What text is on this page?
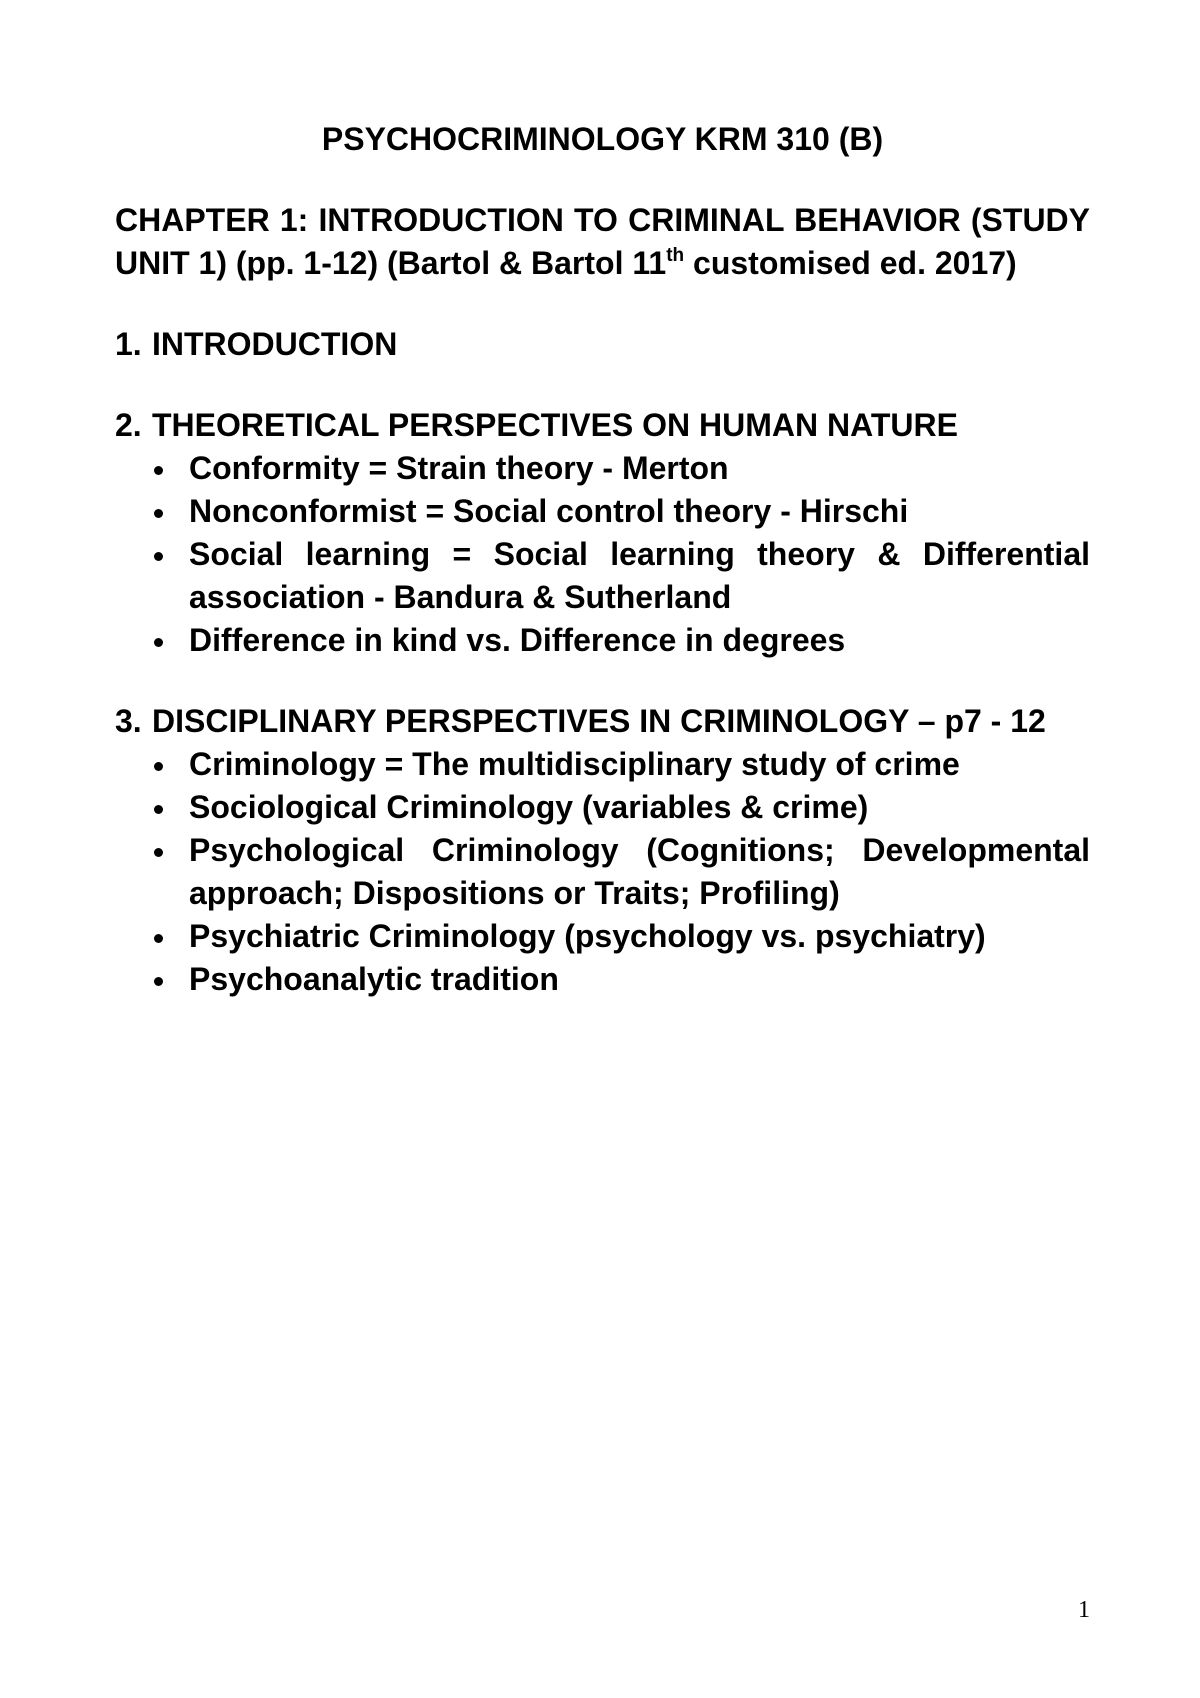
PSYCHOCRIMINOLOGY KRM 310 (B)
CHAPTER 1: INTRODUCTION TO CRIMINAL BEHAVIOR (STUDY UNIT 1) (pp. 1-12) (Bartol & Bartol 11th customised ed. 2017)
1. INTRODUCTION
2. THEORETICAL PERSPECTIVES ON HUMAN NATURE
Conformity = Strain theory - Merton
Nonconformist = Social control theory - Hirschi
Social learning = Social learning theory & Differential association - Bandura & Sutherland
Difference in kind vs. Difference in degrees
3. DISCIPLINARY PERSPECTIVES IN CRIMINOLOGY – p7 - 12
Criminology = The multidisciplinary study of crime
Sociological Criminology (variables & crime)
Psychological Criminology (Cognitions; Developmental approach; Dispositions or Traits; Profiling)
Psychiatric Criminology (psychology vs. psychiatry)
Psychoanalytic tradition
1
